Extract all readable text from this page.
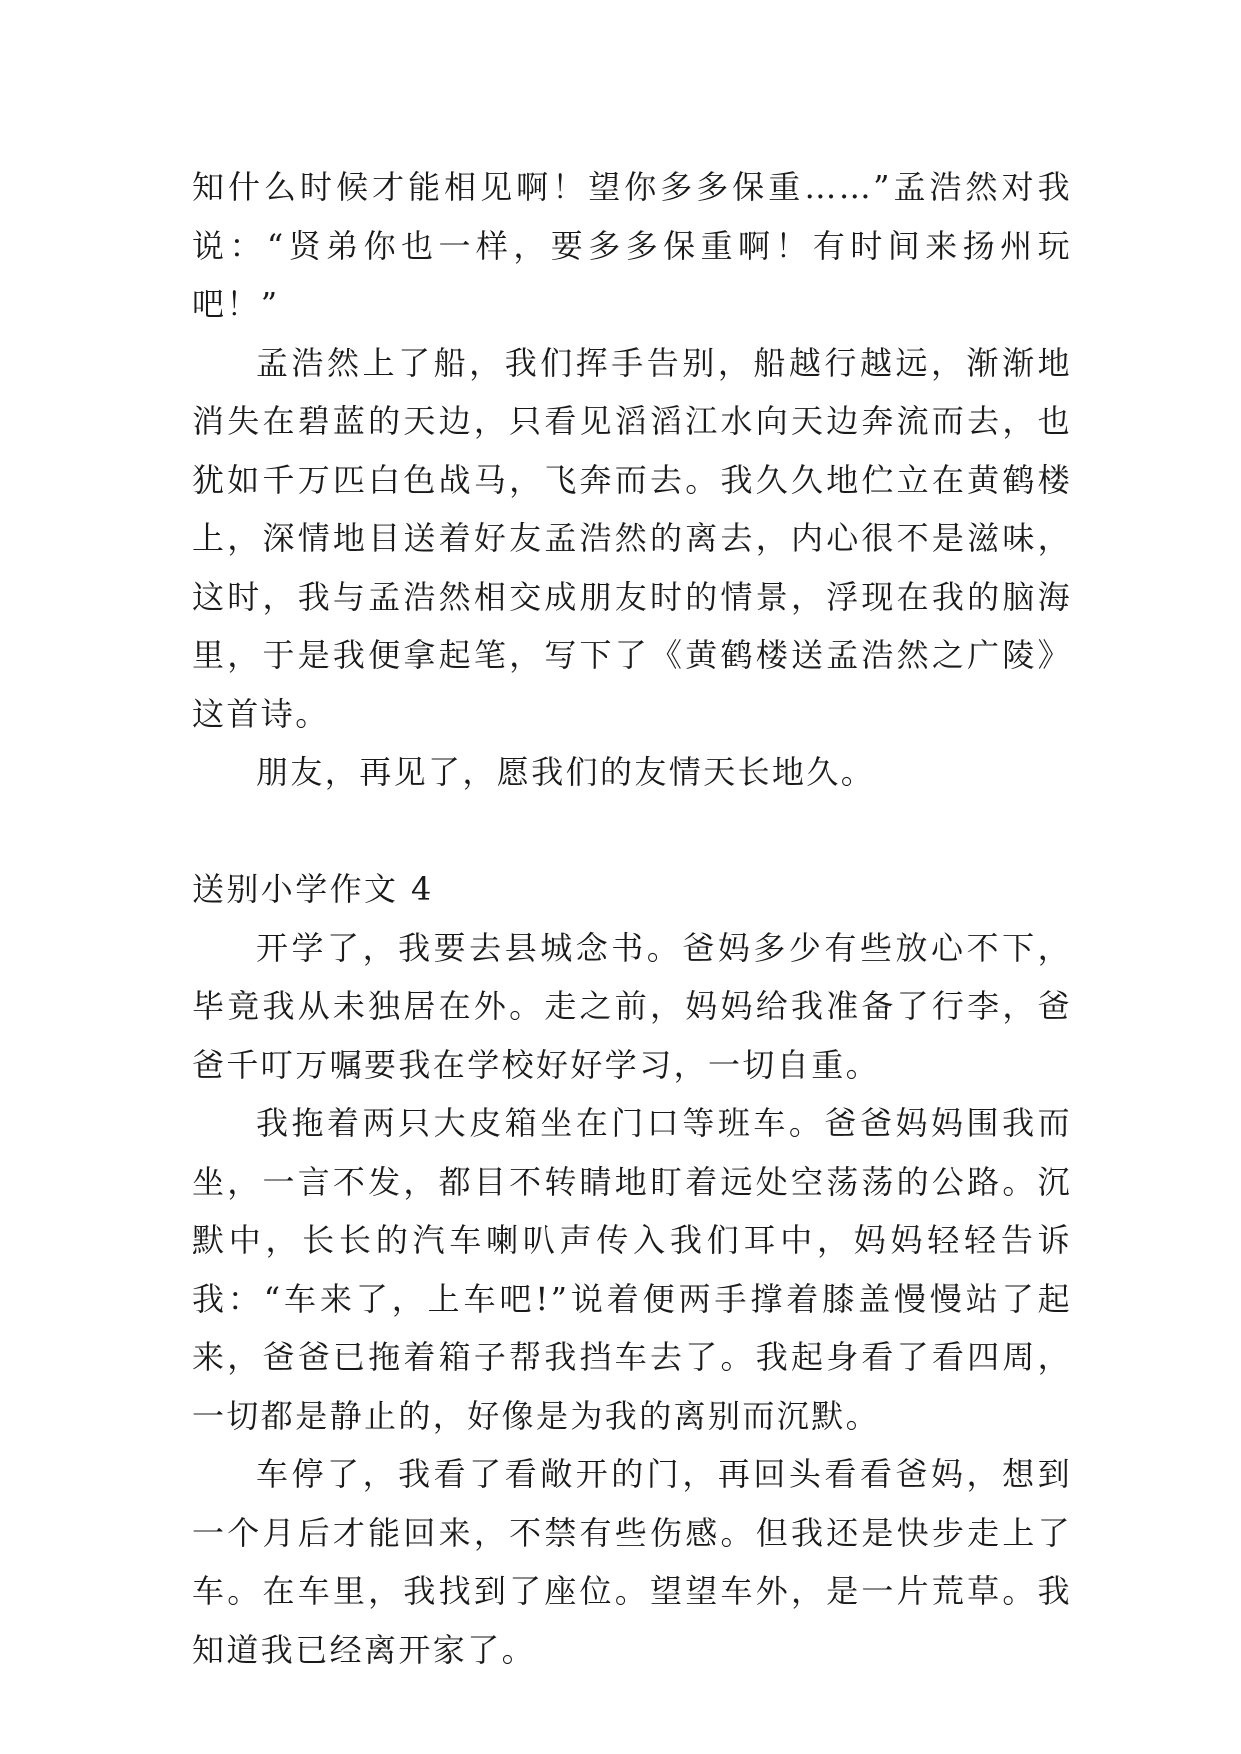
知什么时候才能相见啊！望你多多保重……”孟浩然对我说：“贤弟你也一样，要多多保重啊！有时间来扬州玩吧！”

孟浩然上了船，我们挥手告别，船越行越远，渐渐地消失在碧蓝的天边，只看见滔滔江水向天边奔流而去，也犹如千万匹白色战马，飞奔而去。我久久地伫立在黄鹤楼上，深情地目送着好友孟浩然的离去，内心很不是滋味，这时，我与孟浩然相交成朋友时的情景，浮现在我的脑海里，于是我便拿起笔，写下了《黄鹤楼送孟浩然之广陵》这首诗。

朋友，再见了，愿我们的友情天长地久。

送别小学作文 4

开学了，我要去县城念书。爸妈多少有些放心不下，毕竟我从未独居在外。走之前，妈妈给我准备了行李，爸爸千叮万嘱要我在学校好好学习，一切自重。

我拖着两只大皮箱坐在门口等班车。爸爸妈妈围我而坐，一言不发，都目不转睛地盯着远处空荡荡的公路。沉默中，长长的汽车喇叭声传入我们耳中，妈妈轻轻告诉我：“车来了，上车吧!”说着便两手撑着膝盖慢慢站了起来，爸爸已拖着箱子帮我挡车去了。我起身看了看四周，一切都是静止的，好像是为我的离别而沉默。

车停了，我看了看敞开的门，再回头看看爸妈，想到一个月后才能回来，不禁有些伤感。但我还是快步走上了车。在车里，我找到了座位。望望车外，是一片荒草。我知道我已经离开家了。
